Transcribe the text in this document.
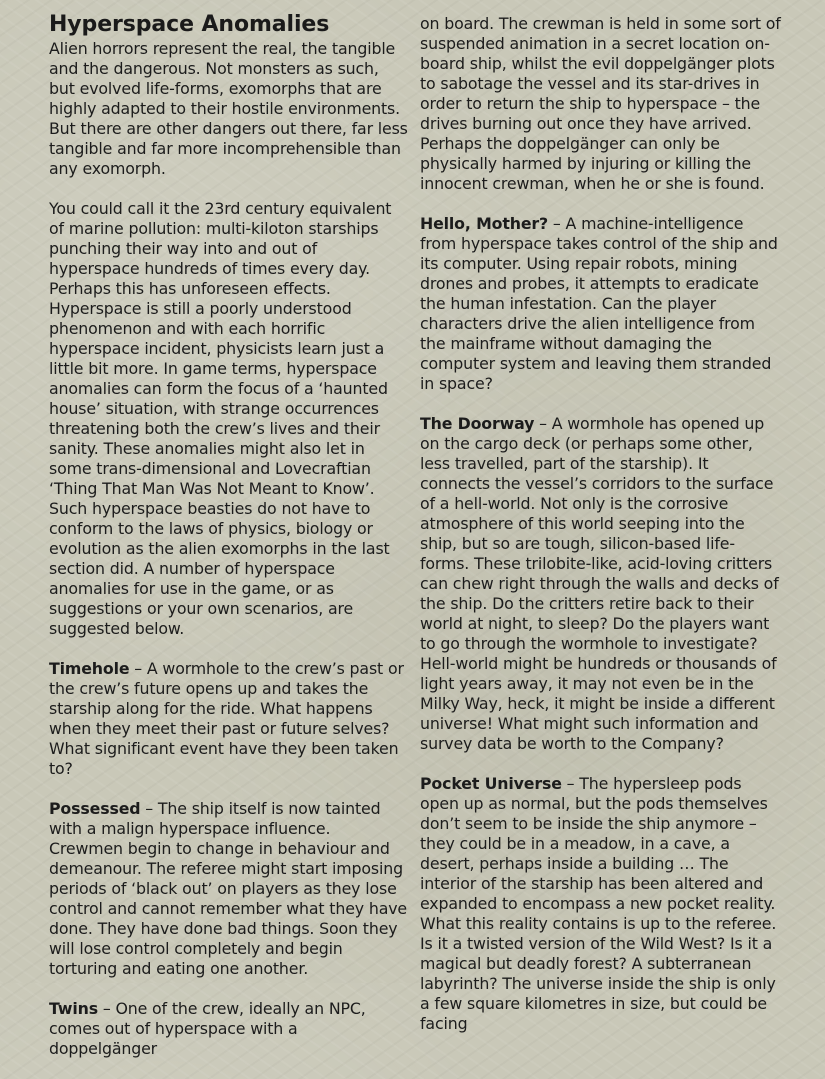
Hyperspace Anomalies

Alien horrors represent the real, the tangible and the dangerous. Not monsters as such, but evolved life-forms, exomorphs that are highly adapted to their hostile environments. But there are other dangers out there, far less tangible and far more incomprehensible than any exomorph.

You could call it the 23rd century equivalent of marine pollution: multi-kiloton starships punching their way into and out of hyperspace hundreds of times every day. Perhaps this has unforeseen effects. Hyperspace is still a poorly understood phenomenon and with each horrific hyperspace incident, physicists learn just a little bit more. In game terms, hyperspace anomalies can form the focus of a ‘haunted house’ situation, with strange occurrences threatening both the crew’s lives and their sanity. These anomalies might also let in some trans-dimensional and Lovecraftian ‘Thing That Man Was Not Meant to Know’. Such hyperspace beasties do not have to conform to the laws of physics, biology or evolution as the alien exomorphs in the last section did. A number of hyperspace anomalies for use in the game, or as suggestions or your own scenarios, are suggested below.

Timehole – A wormhole to the crew’s past or the crew’s future opens up and takes the starship along for the ride. What happens when they meet their past or future selves? What significant event have they been taken to?

Possessed – The ship itself is now tainted with a malign hyperspace influence. Crewmen begin to change in behaviour and demeanour. The referee might start imposing periods of ‘black out’ on players as they lose control and cannot remember what they have done. They have done bad things. Soon they will lose control completely and begin torturing and eating one another.

Twins – One of the crew, ideally an NPC, comes out of hyperspace with a doppelgänger

on board. The crewman is held in some sort of suspended animation in a secret location on-board ship, whilst the evil doppelgänger plots to sabotage the vessel and its star-drives in order to return the ship to hyperspace – the drives burning out once they have arrived. Perhaps the doppelgänger can only be physically harmed by injuring or killing the innocent crewman, when he or she is found.

Hello, Mother? – A machine-intelligence from hyperspace takes control of the ship and its computer. Using repair robots, mining drones and probes, it attempts to eradicate the human infestation. Can the player characters drive the alien intelligence from the mainframe without damaging the computer system and leaving them stranded in space?

The Doorway – A wormhole has opened up on the cargo deck (or perhaps some other, less travelled, part of the starship). It connects the vessel’s corridors to the surface of a hell-world. Not only is the corrosive atmosphere of this world seeping into the ship, but so are tough, silicon-based life-forms. These trilobite-like, acid-loving critters can chew right through the walls and decks of the ship. Do the critters retire back to their world at night, to sleep? Do the players want to go through the wormhole to investigate? Hell-world might be hundreds or thousands of light years away, it may not even be in the Milky Way, heck, it might be inside a different universe! What might such information and survey data be worth to the Company?

Pocket Universe – The hypersleep pods open up as normal, but the pods themselves don’t seem to be inside the ship anymore – they could be in a meadow, in a cave, a desert, perhaps inside a building … The interior of the starship has been altered and expanded to encompass a new pocket reality. What this reality contains is up to the referee. Is it a twisted version of the Wild West? Is it a magical but deadly forest? A subterranean labyrinth? The universe inside the ship is only a few square kilometres in size, but could be facing
